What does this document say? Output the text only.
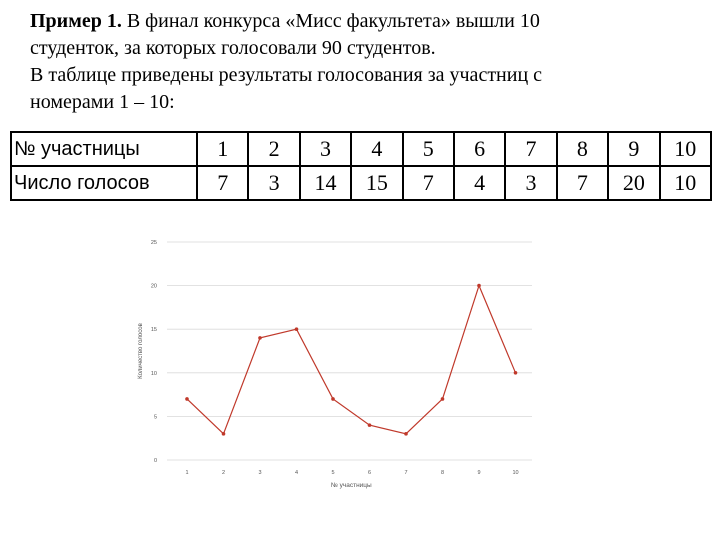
Пример 1. В финал конкурса «Мисс факультета» вышли 10
студенток, за которых голосовали 90 студентов.
В таблице приведены результаты голосования за участниц с
номерами 1 – 10:
№ участницы	1	2	3	4	5	6	7	8	9	10
Число голосов	7	3	14	15	7	4	3	7	20	10
0
5
10
15
20
25
1	2	3	4	5	6	7	8	9	10
Количество голосов
№ участницы
